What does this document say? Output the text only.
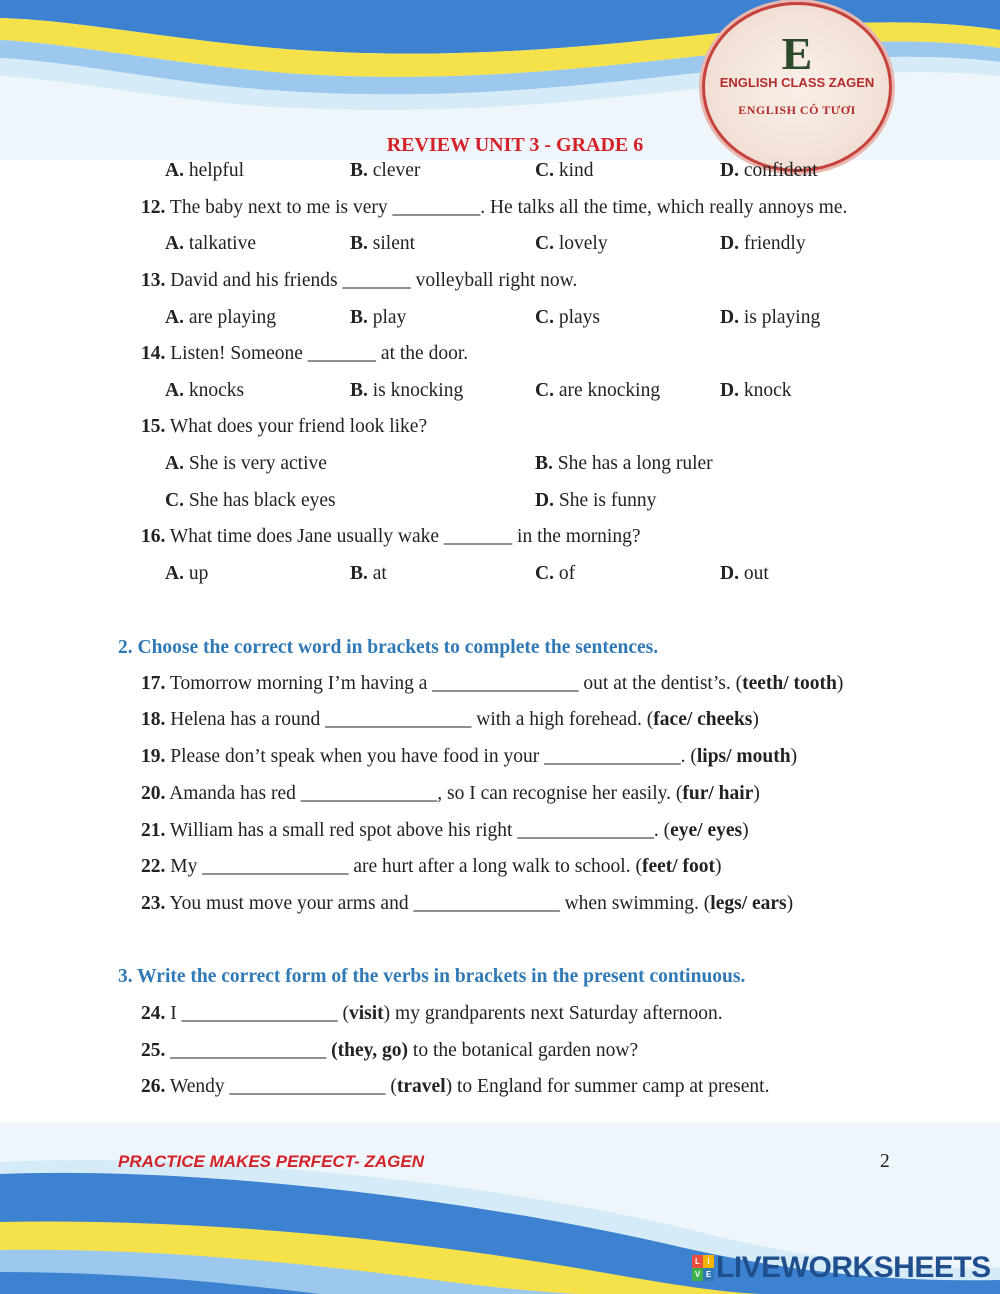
E
ENGLISH CLASS ZAGEN
ENGLISH CÔ TƯƠI
REVIEW UNIT 3 - GRADE 6
A. helpful	B. clever	C. kind	D. confident
12. The baby next to me is very _________. He talks all the time, which really annoys me.
A. talkative	B. silent	C. lovely	D. friendly
13. David and his friends _______ volleyball right now.
A. are playing	B. play	C. plays	D. is playing
14. Listen! Someone _______ at the door.
A. knocks	B. is knocking	C. are knocking	D. knock
15. What does your friend look like?
A. She is very active	B. She has a long ruler
C. She has black eyes	D. She is funny
16. What time does Jane usually wake _______ in the morning?
A. up	B. at	C. of	D. out
2. Choose the correct word in brackets to complete the sentences.
17. Tomorrow morning I’m having a _______________ out at the dentist’s. (teeth/ tooth)
18. Helena has a round _______________ with a high forehead. (face/ cheeks)
19. Please don’t speak when you have food in your ______________. (lips/ mouth)
20. Amanda has red ______________, so I can recognise her easily. (fur/ hair)
21. William has a small red spot above his right ______________. (eye/ eyes)
22. My _______________ are hurt after a long walk to school. (feet/ foot)
23. You must move your arms and _______________ when swimming. (legs/ ears)
3. Write the correct form of the verbs in brackets in the present continuous.
24. I ________________ (visit) my grandparents next Saturday afternoon.
25. ________________ (they, go) to the botanical garden now?
26. Wendy ________________ (travel) to England for summer camp at present.
PRACTICE MAKES PERFECT- ZAGEN	2
L I
V E LIVEWORKSHEETS
